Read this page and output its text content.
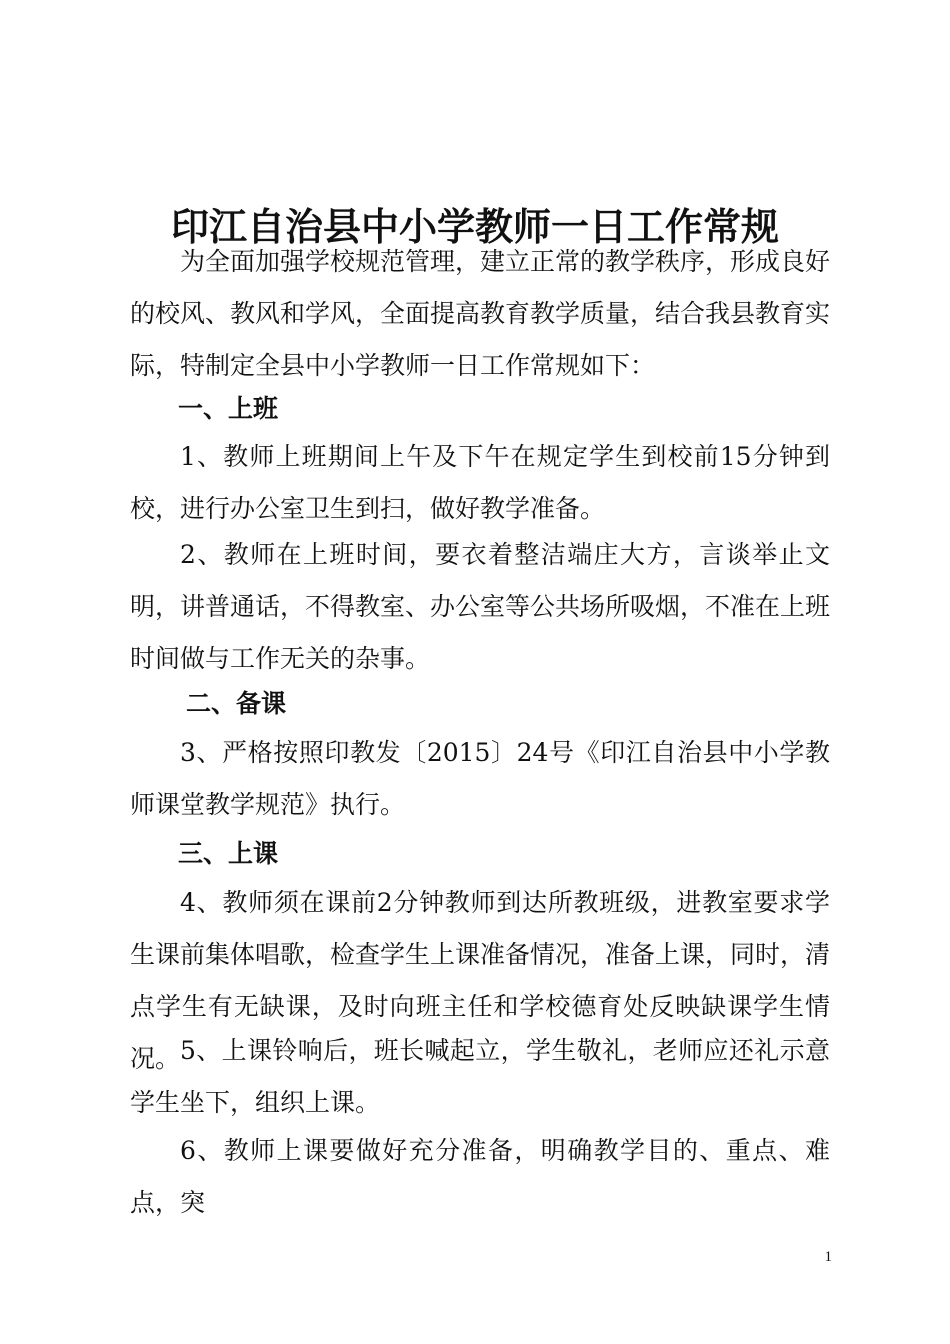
印江自治县中小学教师一日工作常规

为全面加强学校规范管理，建立正常的教学秩序，形成良好的校风、教风和学风，全面提高教育教学质量，结合我县教育实际，特制定全县中小学教师一日工作常规如下：

一、上班

1、教师上班期间上午及下午在规定学生到校前15分钟到校，进行办公室卫生到扫，做好教学准备。

2、教师在上班时间，要衣着整洁端庄大方，言谈举止文明，讲普通话，不得教室、办公室等公共场所吸烟，不准在上班时间做与工作无关的杂事。

二、备课

3、严格按照印教发〔2015〕24号《印江自治县中小学教师课堂教学规范》执行。

三、上课

4、教师须在课前2分钟教师到达所教班级，进教室要求学生课前集体唱歌，检查学生上课准备情况，准备上课，同时，清点学生有无缺课，及时向班主任和学校德育处反映缺课学生情况。 5、上课铃响后，班长喊起立，学生敬礼，老师应还礼示意学生坐下，组织上课。

6、教师上课要做好充分准备，明确教学目的、重点、难点，突

1
